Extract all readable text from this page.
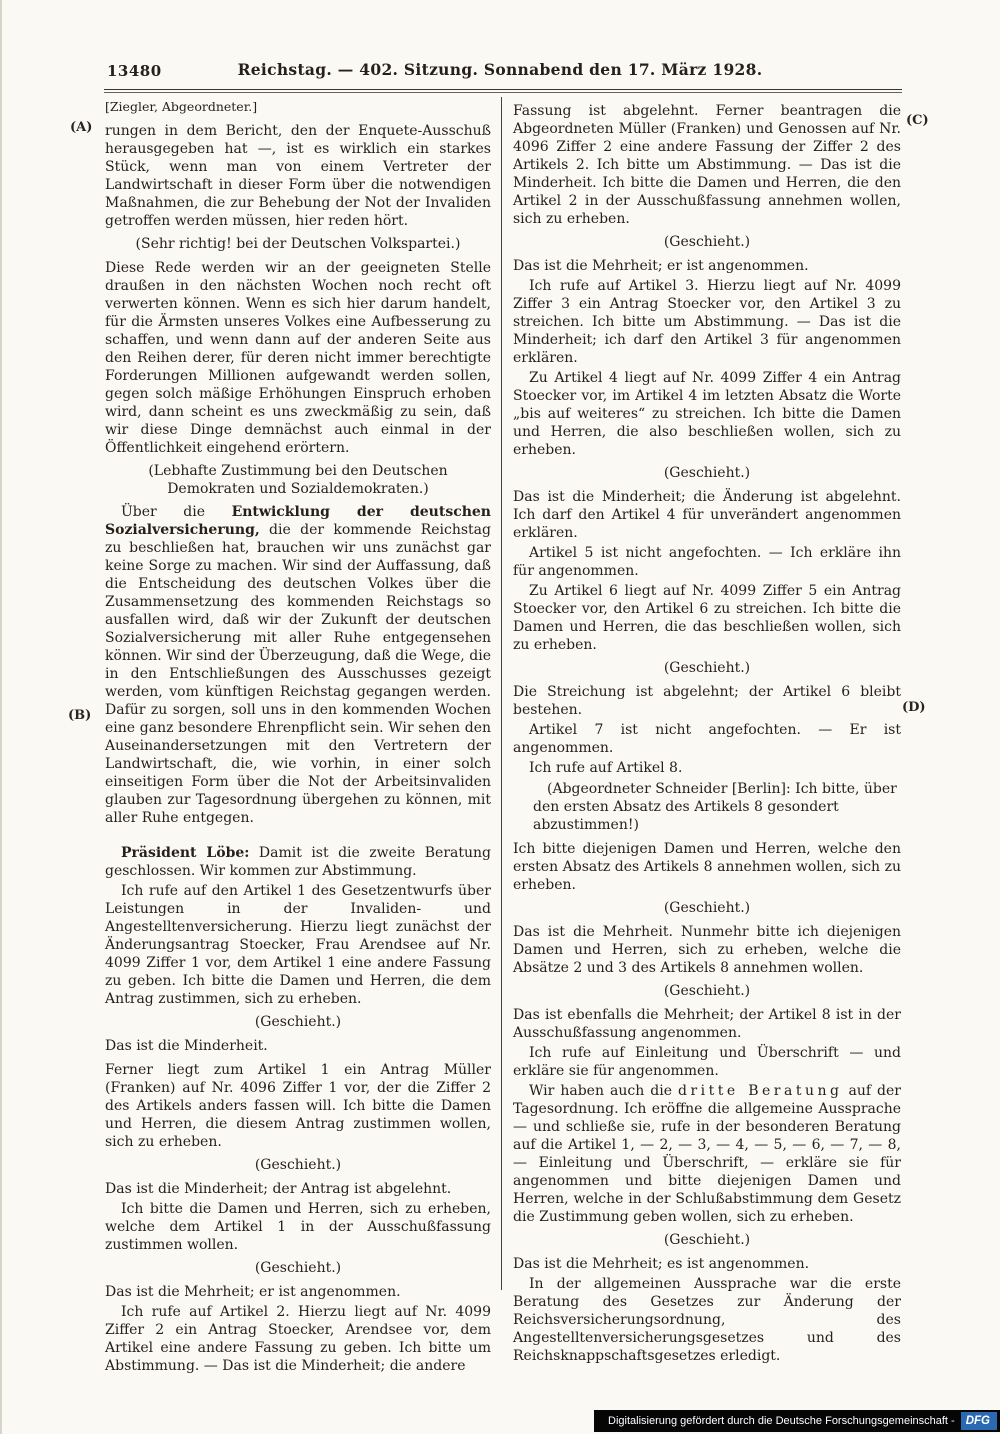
13480	Reichstag. — 402. Sitzung. Sonnabend den 17. März 1928.
(A)
(B)
(C)
(D)

[Ziegler, Abgeordneter.]

rungen in dem Bericht, den der Enquete-Ausschuß herausgegeben hat —, ist es wirklich ein starkes Stück, wenn man von einem Vertreter der Landwirtschaft in dieser Form über die notwendigen Maßnahmen, die zur Behebung der Not der Invaliden getroffen werden müssen, hier reden hört.

(Sehr richtig! bei der Deutschen Volkspartei.)

Diese Rede werden wir an der geeigneten Stelle draußen in den nächsten Wochen noch recht oft verwerten können. Wenn es sich hier darum handelt, für die Ärmsten unseres Volkes eine Aufbesserung zu schaffen, und wenn dann auf der anderen Seite aus den Reihen derer, für deren nicht immer berechtigte Forderungen Millionen aufgewandt werden sollen, gegen solch mäßige Erhöhungen Einspruch erhoben wird, dann scheint es uns zweckmäßig zu sein, daß wir diese Dinge demnächst auch einmal in der Öffentlichkeit eingehend erörtern.

(Lebhafte Zustimmung bei den Deutschen Demokraten und Sozialdemokraten.)

Über die Entwicklung der deutschen Sozialversicherung, die der kommende Reichstag zu beschließen hat, brauchen wir uns zunächst gar keine Sorge zu machen. Wir sind der Auffassung, daß die Entscheidung des deutschen Volkes über die Zusammensetzung des kommenden Reichstags so ausfallen wird, daß wir der Zukunft der deutschen Sozialversicherung mit aller Ruhe entgegensehen können. Wir sind der Überzeugung, daß die Wege, die in den Entschließungen des Ausschusses gezeigt werden, vom künftigen Reichstag gegangen werden. Dafür zu sorgen, soll uns in den kommenden Wochen eine ganz besondere Ehrenpflicht sein. Wir sehen den Auseinandersetzungen mit den Vertretern der Landwirtschaft, die, wie vorhin, in einer solch einseitigen Form über die Not der Arbeitsinvaliden glauben zur Tagesordnung übergehen zu können, mit aller Ruhe entgegen.

Präsident Löbe: Damit ist die zweite Beratung geschlossen. Wir kommen zur Abstimmung.

Ich rufe auf den Artikel 1 des Gesetzentwurfs über Leistungen in der Invaliden- und Angestelltenversicherung. Hierzu liegt zunächst der Änderungsantrag Stoecker, Frau Arendsee auf Nr. 4099 Ziffer 1 vor, dem Artikel 1 eine andere Fassung zu geben. Ich bitte die Damen und Herren, die dem Antrag zustimmen, sich zu erheben.

(Geschieht.)

Das ist die Minderheit.

Ferner liegt zum Artikel 1 ein Antrag Müller (Franken) auf Nr. 4096 Ziffer 1 vor, der die Ziffer 2 des Artikels anders fassen will. Ich bitte die Damen und Herren, die diesem Antrag zustimmen wollen, sich zu erheben.

(Geschieht.)

Das ist die Minderheit; der Antrag ist abgelehnt.

Ich bitte die Damen und Herren, sich zu erheben, welche dem Artikel 1 in der Ausschußfassung zustimmen wollen.

(Geschieht.)

Das ist die Mehrheit; er ist angenommen.

Ich rufe auf Artikel 2. Hierzu liegt auf Nr. 4099 Ziffer 2 ein Antrag Stoecker, Arendsee vor, dem Artikel eine andere Fassung zu geben. Ich bitte um Abstimmung. — Das ist die Minderheit; die andere

Fassung ist abgelehnt. Ferner beantragen die Abgeordneten Müller (Franken) und Genossen auf Nr. 4096 Ziffer 2 eine andere Fassung der Ziffer 2 des Artikels 2. Ich bitte um Abstimmung. — Das ist die Minderheit. Ich bitte die Damen und Herren, die den Artikel 2 in der Ausschußfassung annehmen wollen, sich zu erheben.

(Geschieht.)

Das ist die Mehrheit; er ist angenommen.

Ich rufe auf Artikel 3. Hierzu liegt auf Nr. 4099 Ziffer 3 ein Antrag Stoecker vor, den Artikel 3 zu streichen. Ich bitte um Abstimmung. — Das ist die Minderheit; ich darf den Artikel 3 für angenommen erklären.

Zu Artikel 4 liegt auf Nr. 4099 Ziffer 4 ein Antrag Stoecker vor, im Artikel 4 im letzten Absatz die Worte „bis auf weiteres“ zu streichen. Ich bitte die Damen und Herren, die also beschließen wollen, sich zu erheben.

(Geschieht.)

Das ist die Minderheit; die Änderung ist abgelehnt. Ich darf den Artikel 4 für unverändert angenommen erklären.

Artikel 5 ist nicht angefochten. — Ich erkläre ihn für angenommen.

Zu Artikel 6 liegt auf Nr. 4099 Ziffer 5 ein Antrag Stoecker vor, den Artikel 6 zu streichen. Ich bitte die Damen und Herren, die das beschließen wollen, sich zu erheben.

(Geschieht.)

Die Streichung ist abgelehnt; der Artikel 6 bleibt bestehen.

Artikel 7 ist nicht angefochten. — Er ist angenommen.

Ich rufe auf Artikel 8.

(Abgeordneter Schneider [Berlin]: Ich bitte, über den ersten Absatz des Artikels 8 gesondert abzustimmen!)

Ich bitte diejenigen Damen und Herren, welche den ersten Absatz des Artikels 8 annehmen wollen, sich zu erheben.

(Geschieht.)

Das ist die Mehrheit. Nunmehr bitte ich diejenigen Damen und Herren, sich zu erheben, welche die Absätze 2 und 3 des Artikels 8 annehmen wollen.

(Geschieht.)

Das ist ebenfalls die Mehrheit; der Artikel 8 ist in der Ausschußfassung angenommen.

Ich rufe auf Einleitung und Überschrift — und erkläre sie für angenommen.

Wir haben auch die dritte Beratung auf der Tagesordnung. Ich eröffne die allgemeine Aussprache — und schließe sie, rufe in der besonderen Beratung auf die Artikel 1, — 2, — 3, — 4, — 5, — 6, — 7, — 8, — Einleitung und Überschrift, — erkläre sie für angenommen und bitte diejenigen Damen und Herren, welche in der Schlußabstimmung dem Gesetz die Zustimmung geben wollen, sich zu erheben.

(Geschieht.)

Das ist die Mehrheit; es ist angenommen.

In der allgemeinen Aussprache war die erste Beratung des Gesetzes zur Änderung der Reichsversicherungsordnung, des Angestelltenversicherungsgesetzes und des Reichsknappschaftsgesetzes erledigt.

Digitalisierung gefördert durch die Deutsche Forschungsgemeinschaft - DFG
